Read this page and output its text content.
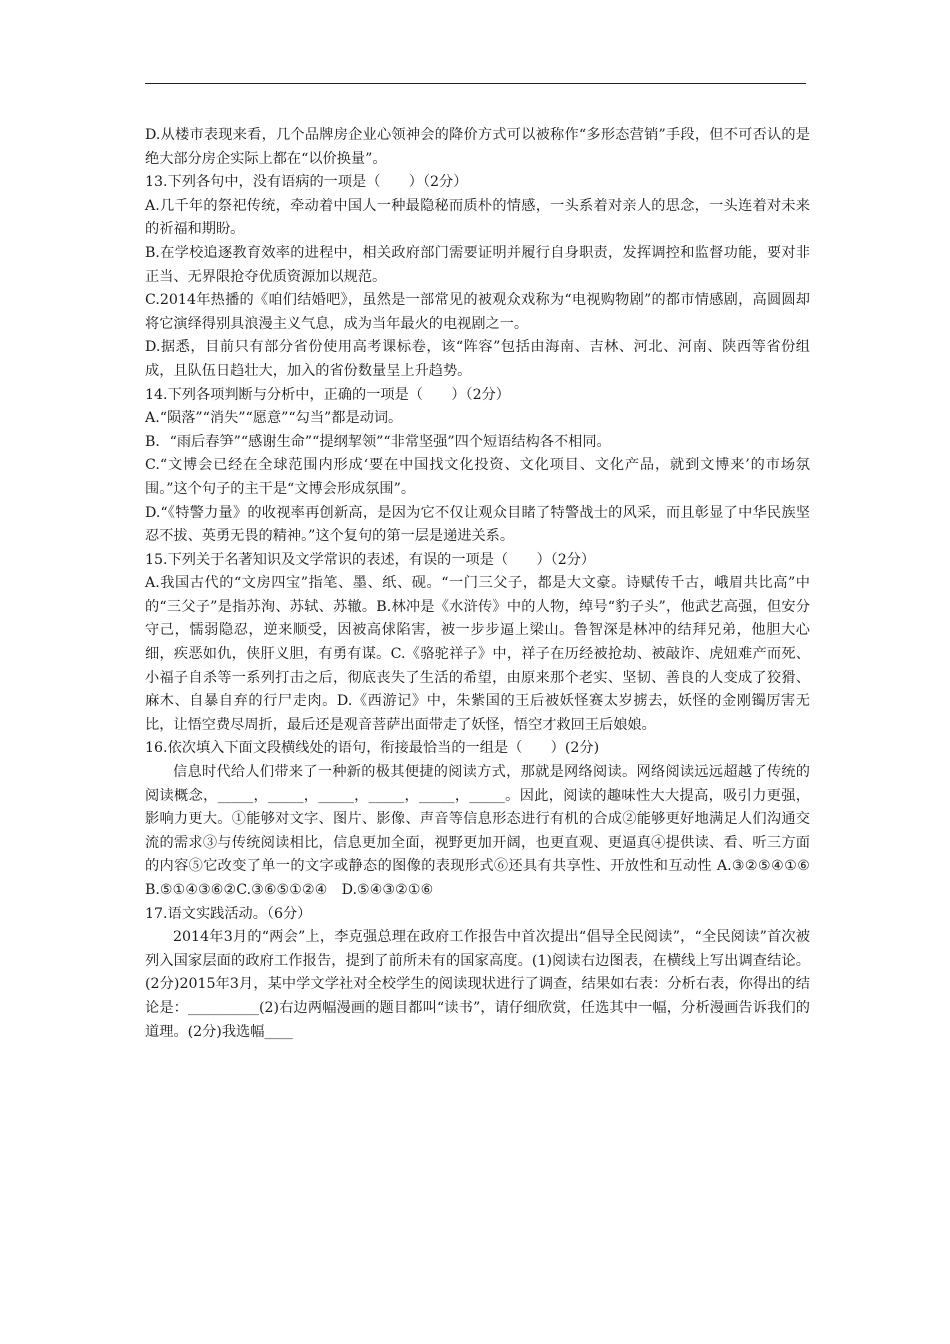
D.从楼市表现来看，几个品牌房企业心领神会的降价方式可以被称作“多形态营销”手段，但不可否认的是绝大部分房企实际上都在“以价换量”。

13.下列各句中，没有语病的一项是（　　）（2分）

A.几千年的祭祀传统，牵动着中国人一种最隐秘而质朴的情感，一头系着对亲人的思念，一头连着对未来的祈福和期盼。

B.在学校追逐教育效率的进程中，相关政府部门需要证明并履行自身职责，发挥调控和监督功能，要对非正当、无界限抢夺优质资源加以规范。

C.2014年热播的《咱们结婚吧》，虽然是一部常见的被观众戏称为“电视购物剧”的都市情感剧，高圆圆却将它演绎得别具浪漫主义气息，成为当年最火的电视剧之一。

D.据悉，目前只有部分省份使用高考课标卷，该“阵容”包括由海南、吉林、河北、河南、陕西等省份组成，且队伍日趋壮大，加入的省份数量呈上升趋势。

14.下列各项判断与分析中，正确的一项是（　　）（2分）

A.“陨落”“消失”“愿意”“勾当”都是动词。

B．“雨后春笋”“感谢生命”“提纲挈领”“非常坚强”四个短语结构各不相同。

C.“文博会已经在全球范围内形成‘要在中国找文化投资、文化项目、文化产品，就到文博来’的市场氛围。”这个句子的主干是“文博会形成氛围”。

D.“《特警力量》的收视率再创新高，是因为它不仅让观众目睹了特警战士的风采，而且彰显了中华民族坚忍不拔、英勇无畏的精神。”这个复句的第一层是递进关系。

15.下列关于名著知识及文学常识的表述，有误的一项是（　　）（2分）

A.我国古代的“文房四宝”指笔、墨、纸、砚。“一门三父子，都是大文豪。诗赋传千古，峨眉共比高”中的“三父子”是指苏洵、苏轼、苏辙。B.林冲是《水浒传》中的人物，绰号“豹子头”，他武艺高强，但安分守己，懦弱隐忍，逆来顺受，因被高俅陷害，被一步步逼上梁山。鲁智深是林冲的结拜兄弟，他胆大心细，疾恶如仇，侠肝义胆，有勇有谋。C.《骆驼祥子》中，祥子在历经被抢劫、被敲诈、虎妞难产而死、小福子自杀等一系列打击之后，彻底丧失了生活的希望，由原来那个老实、坚韧、善良的人变成了狡猾、麻木、自暴自弃的行尸走肉。D.《西游记》中，朱紫国的王后被妖怪赛太岁掳去，妖怪的金刚镯厉害无比，让悟空费尽周折，最后还是观音菩萨出面带走了妖怪，悟空才救回王后娘娘。

16.依次填入下面文段横线处的语句，衔接最恰当的一组是（　　）(2分)

信息时代给人们带来了一种新的极其便捷的阅读方式，那就是网络阅读。网络阅读远远超越了传统的阅读概念，_____，_____，_____，_____，_____，_____。因此，阅读的趣味性大大提高，吸引力更强，影响力更大。①能够对文字、图片、影像、声音等信息形态进行有机的合成②能够更好地满足人们沟通交流的需求③与传统阅读相比，信息更加全面，视野更加开阔，也更直观、更逼真④提供读、看、听三方面的内容⑤它改变了单一的文字或静态的图像的表现形式⑥还具有共享性、开放性和互动性 A.③②⑤④①⑥　B.⑤①④③⑥②C.③⑥⑤①②④　D.⑤④③②①⑥

17.语文实践活动。（6分）

2014年3月的“两会”上，李克强总理在政府工作报告中首次提出“倡导全民阅读”，“全民阅读”首次被列入国家层面的政府工作报告，提到了前所未有的国家高度。(1)阅读右边图表，在横线上写出调查结论。(2分)2015年3月，某中学文学社对全校学生的阅读现状进行了调查，结果如右表：分析右表，你得出的结论是：__________(2)右边两幅漫画的题目都叫“读书”，请仔细欣赏，任选其中一幅，分析漫画告诉我们的道理。(2分)我选幅____
